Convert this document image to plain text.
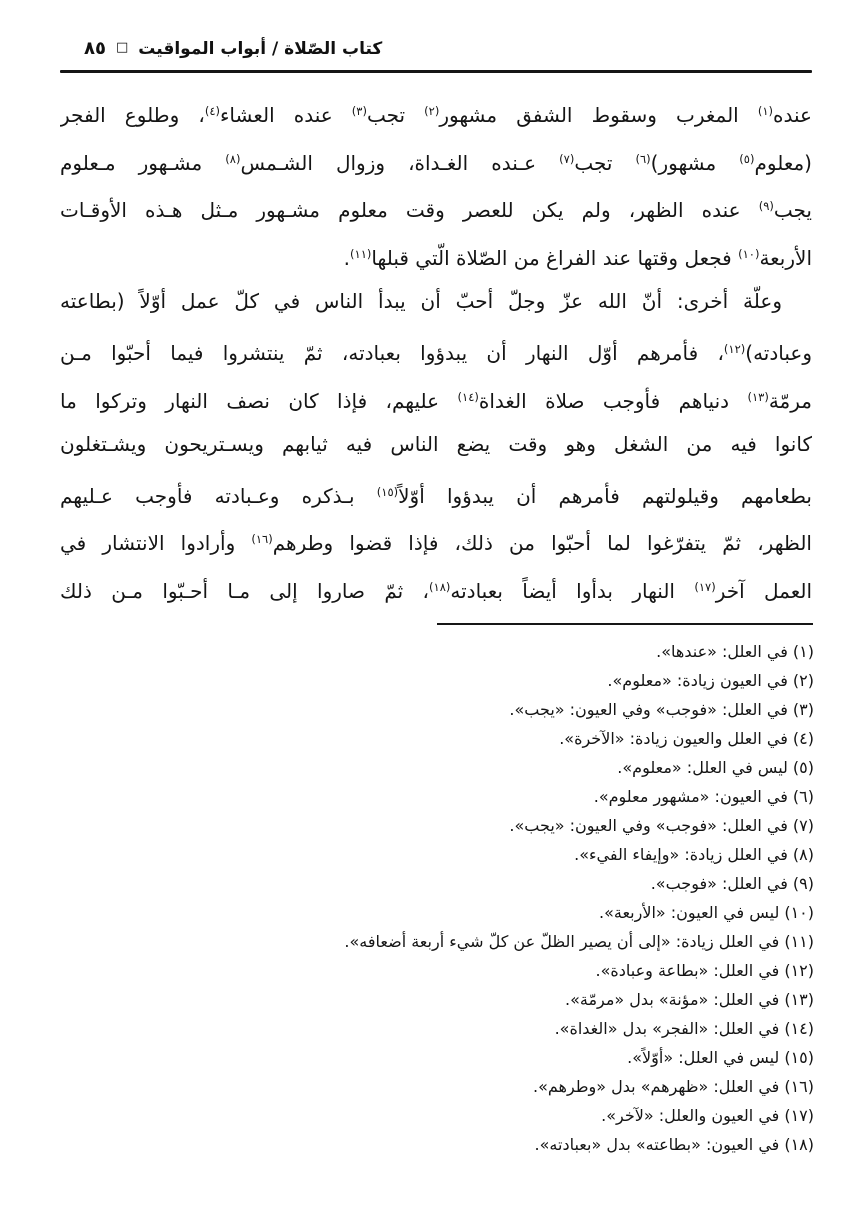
٨٥ □ كتاب الصّلاة / أبواب المواقيت
عنده$^{(١)}$ المغرب وسقوط الشفق مشهور$^{(٢)}$ تجب$^{(٣)}$ عنده العشاء$^{(٤)}$، وطلوع الفجر
(معلوم$^{(٥)}$ مشهور)$^{(٦)}$ تجب$^{(٧)}$ عـنده الغـداة، وزوال الشـمس$^{(٨)}$ مشـهور مـعلوم
يجب$^{(٩)}$ عنده الظهر، ولم يكن للعصر وقت معلوم مشـهور مـثل هـذه الأوقـات
الأربعة$^{(١٠)}$ فجعل وقتها عند الفراغ من الصّلاة الّتي قبلها$^{(١١)}$.
وعلّة أخرى: أنّ الله عزّ وجلّ أحبّ أن يبدأ الناس في كلّ عمل أوّلاً (بطاعته
وعبادته)$^{(١٢)}$، فأمرهم أوّل النهار أن يبدؤوا بعبادته، ثمّ ينتشروا فيما أحبّوا مـن
مرمّة$^{(١٣)}$ دنياهم فأوجب صلاة الغداة$^{(١٤)}$ عليهم، فإذا كان نصف النهار وتركوا ما
كانوا فيه من الشغل وهو وقت يضع الناس فيه ثيابهم ويسـتريحون ويشـتغلون
بطعامهم وقيلولتهم فأمرهم أن يبدؤوا أوّلاً$^{(١٥)}$ بـذكره وعـبادته فأوجب عـليهم
الظهر، ثمّ يتفرّغوا لما أحبّوا من ذلك، فإذا قضوا وطرهم$^{(١٦)}$ وأرادوا الانتشار في
العمل آخر$^{(١٧)}$ النهار بدأوا أيضاً بعبادته$^{(١٨)}$، ثمّ صاروا إلى مـا أحـبّوا مـن ذلك
(١)في العلل: «عندها».
(٢)في العيون زيادة: «معلوم».
(٣)في العلل: «فوجب» وفي العيون: «يجب».
(٤)في العلل والعيون زيادة: «الآخرة».
(٥)ليس في العلل: «معلوم».
(٦)في العيون: «مشهور معلوم».
(٧)في العلل: «فوجب» وفي العيون: «يجب».
(٨)في العلل زيادة: «وإيفاء الفيء».
(٩)في العلل: «فوجب».
(١٠)ليس في العيون: «الأربعة».
(١١)في العلل زيادة: «إلى أن يصير الظلّ عن كلّ شيء أربعة أضعافه».
(١٢)في العلل: «بطاعة وعبادة».
(١٣)في العلل: «مؤنة» بدل «مرمّة».
(١٤)في العلل: «الفجر» بدل «الغداة».
(١٥)ليس في العلل: «أوّلاً».
(١٦)في العلل: «ظهرهم» بدل «وطرهم».
(١٧)في العيون والعلل: «لآخر».
(١٨)في العيون: «بطاعته» بدل «بعبادته».
